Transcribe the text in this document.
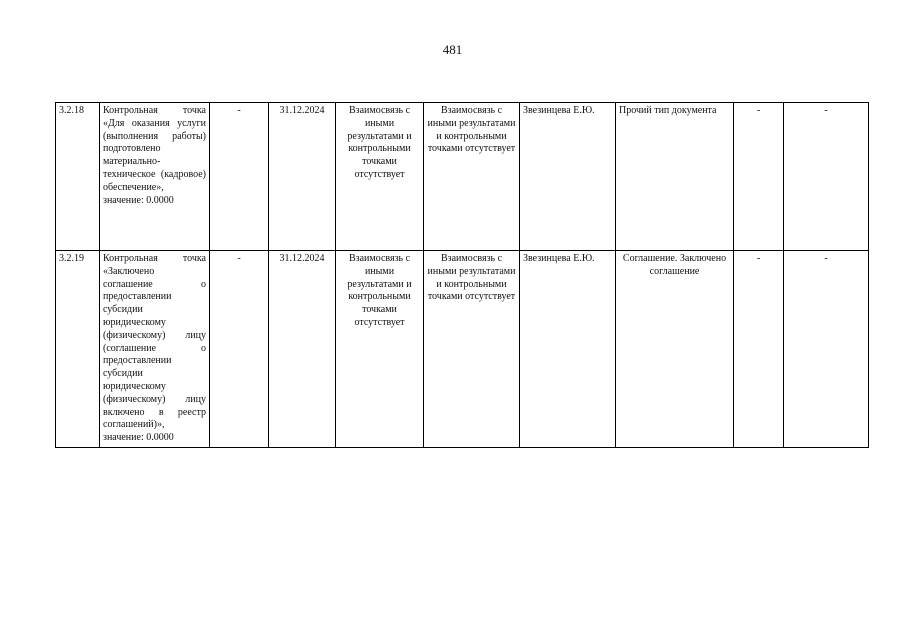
481
3.2.18	Контрольная точка «Для оказания услуги (выполнения работы) подготовлено материально-техническое (кадровое) обеспечение», значение: 0.0000	-	31.12.2024	Взаимосвязь с иными результатами и контрольными точками отсутствует	Взаимосвязь с иными результатами и контрольными точками отсутствует	Звезинцева Е.Ю.	Прочий тип документа	-	-
3.2.19	Контрольная точка «Заключено соглашение о предоставлении субсидии юридическому (физическому) лицу (соглашение о предоставлении субсидии юридическому (физическому) лицу включено в реестр соглашений)», значение: 0.0000	-	31.12.2024	Взаимосвязь с иными результатами и контрольными точками отсутствует	Взаимосвязь с иными результатами и контрольными точками отсутствует	Звезинцева Е.Ю.	Соглашение. Заключено соглашение	-	-
